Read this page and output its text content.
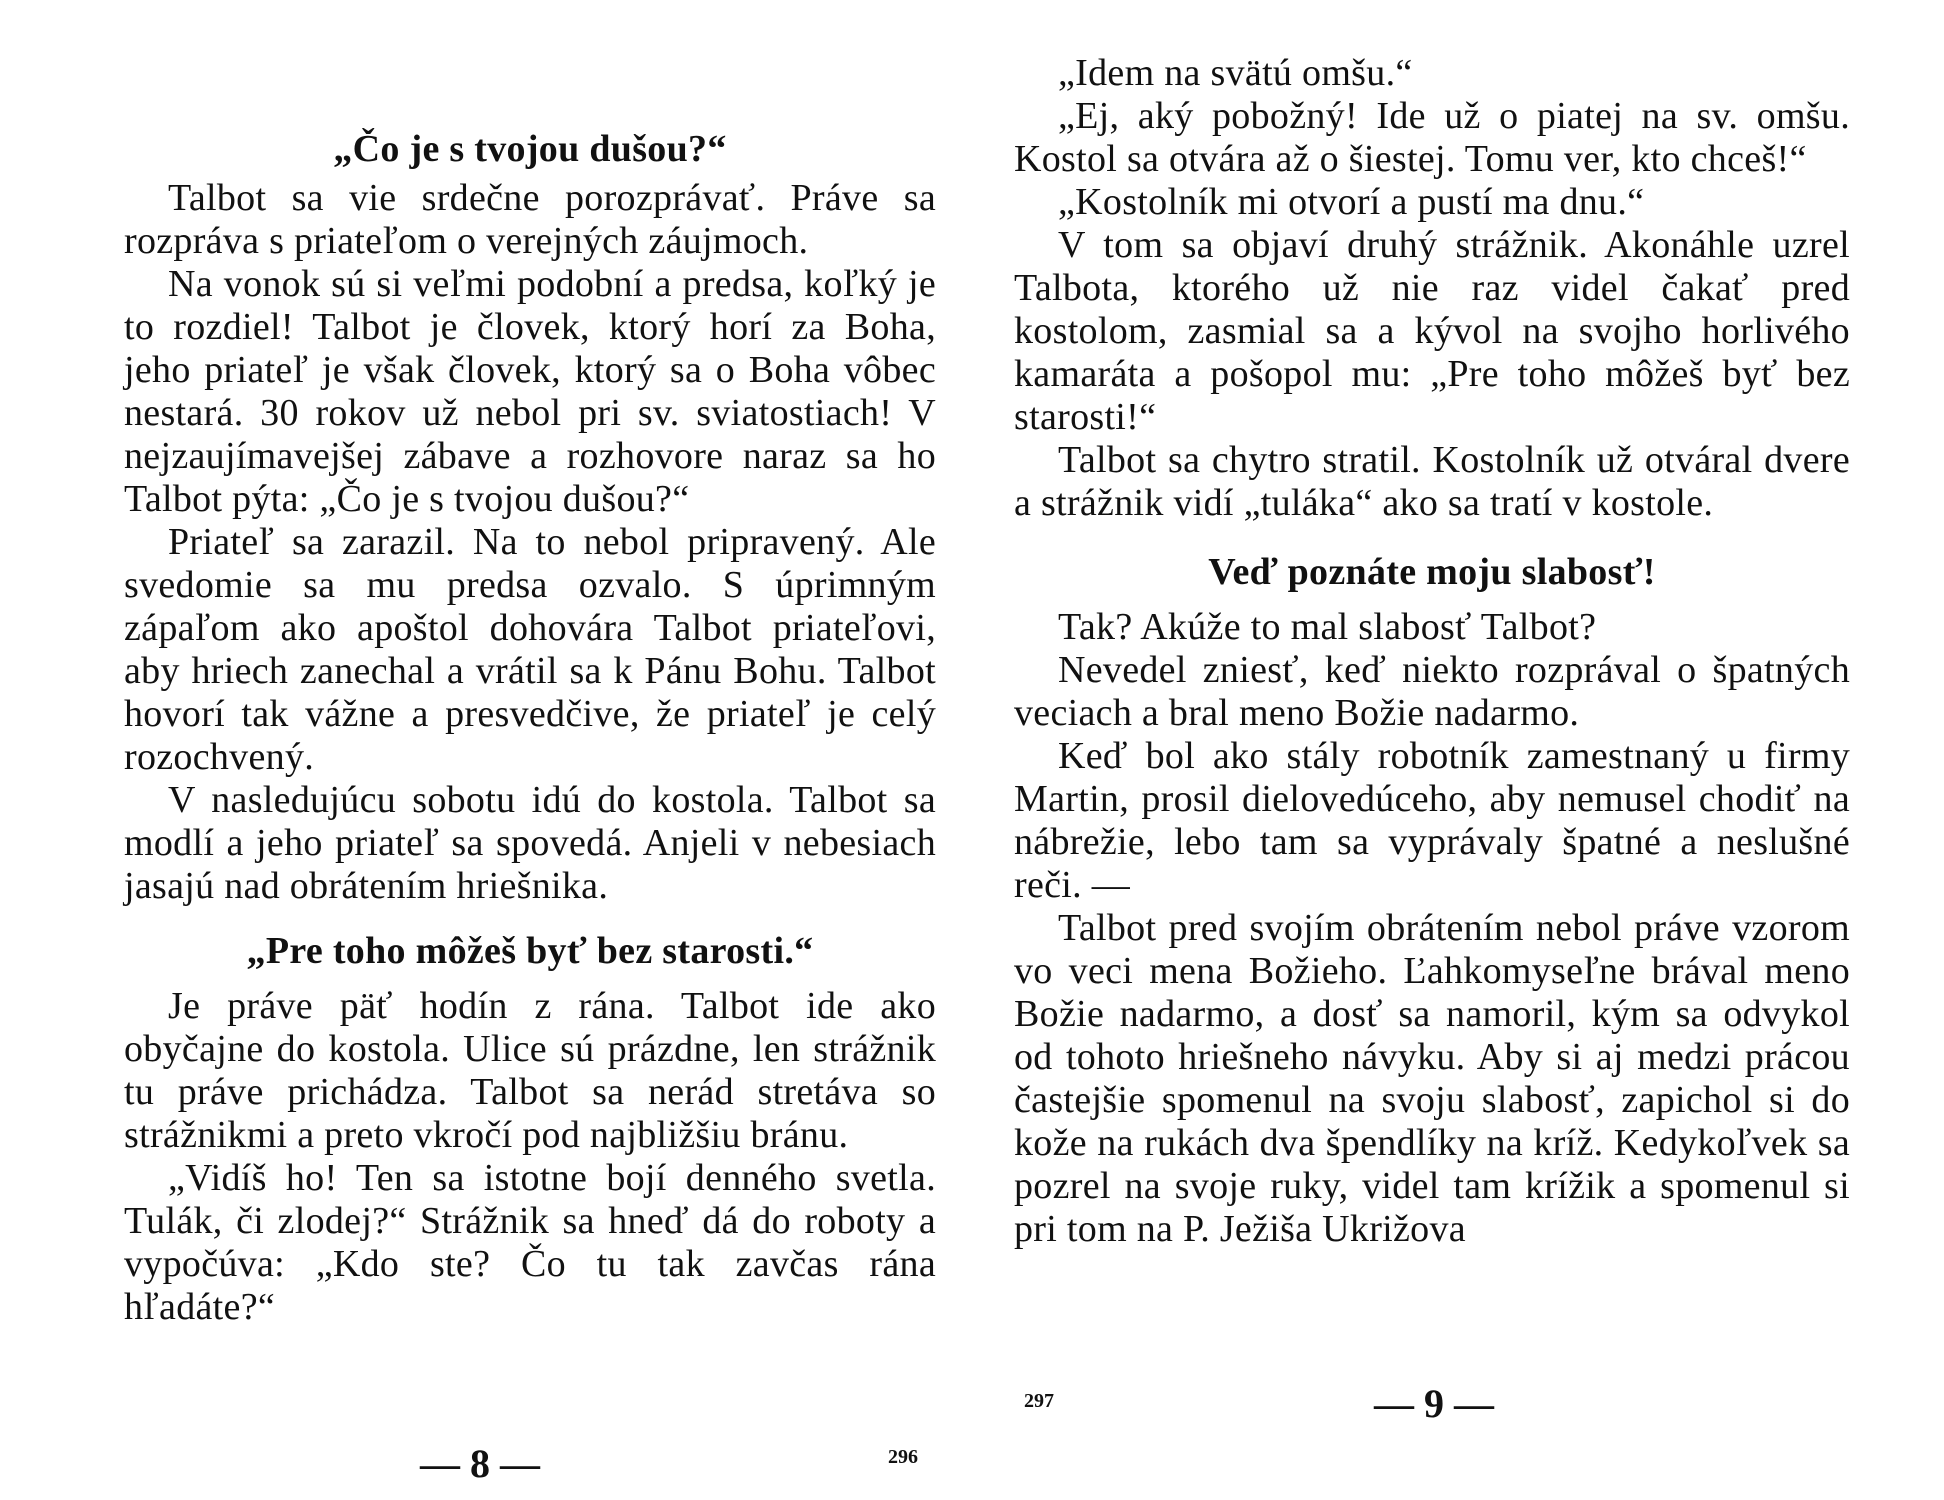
„Čo je s tvojou dušou?“

Talbot sa vie srdečne porozprávať. Práve sa rozpráva s priateľom o verejných záujmoch.

Na vonok sú si veľmi podobní a predsa, koľký je to rozdiel! Talbot je človek, ktorý horí za Boha, jeho priateľ je však človek, ktorý sa o Boha vôbec nestará. 30 rokov už nebol pri sv. sviatostiach! V nejzaujímavejšej zábave a rozhovore naraz sa ho Talbot pýta: „Čo je s tvojou dušou?“

Priateľ sa zarazil. Na to nebol pripravený. Ale svedomie sa mu predsa ozvalo. S úprimným zápaľom ako apoštol dohovára Talbot priateľovi, aby hriech zanechal a vrátil sa k Pánu Bohu. Talbot hovorí tak vážne a presvedčive, že priateľ je celý rozochvený.

V nasledujúcu sobotu idú do kostola. Talbot sa modlí a jeho priateľ sa spovedá. Anjeli v nebesiach jasajú nad obrátením hriešnika.

„Pre toho môžeš byť bez starosti.“

Je práve päť hodín z rána. Talbot ide ako obyčajne do kostola. Ulice sú prázdne, len strážnik tu práve prichádza. Talbot sa nerád stretáva so strážnikmi a preto vkročí pod najbližšiu bránu.

„Vidíš ho! Ten sa istotne bojí denného svetla. Tulák, či zlodej?“ Strážnik sa hneď dá do roboty a vypočúva: „Kdo ste? Čo tu tak zavčas rána hľadáte?“

— 8 —	296

„Idem na svätú omšu.“

„Ej, aký pobožný! Ide už o piatej na sv. omšu. Kostol sa otvára až o šiestej. Tomu ver, kto chceš!“

„Kostolník mi otvorí a pustí ma dnu.“

V tom sa objaví druhý strážnik. Akonáhle uzrel Talbota, ktorého už nie raz videl čakať pred kostolom, zasmial sa a kývol na svojho horlivého kamaráta a pošopol mu: „Pre toho môžeš byť bez starosti!“

Talbot sa chytro stratil. Kostolník už otváral dvere a strážnik vidí „tuláka“ ako sa tratí v kostole.

Veď poznáte moju slabosť!

Tak? Akúže to mal slabosť Talbot?

Nevedel zniesť, keď niekto rozprával o špatných veciach a bral meno Božie nadarmo.

Keď bol ako stály robotník zamestnaný u firmy Martin, prosil dielovedúceho, aby nemusel chodiť na nábrežie, lebo tam sa vyprávaly špatné a neslušné reči. —

Talbot pred svojím obrátením nebol práve vzorom vo veci mena Božieho. Ľahkomyseľne brával meno Božie nadarmo, a dosť sa namoril, kým sa odvykol od tohoto hriešneho návyku. Aby si aj medzi prácou častejšie spomenul na svoju slabosť, zapichol si do kože na rukách dva špendlíky na kríž. Kedykoľvek sa pozrel na svoje ruky, videl tam krížik a spomenul si pri tom na P. Ježiša Ukrižova

297	— 9 —
